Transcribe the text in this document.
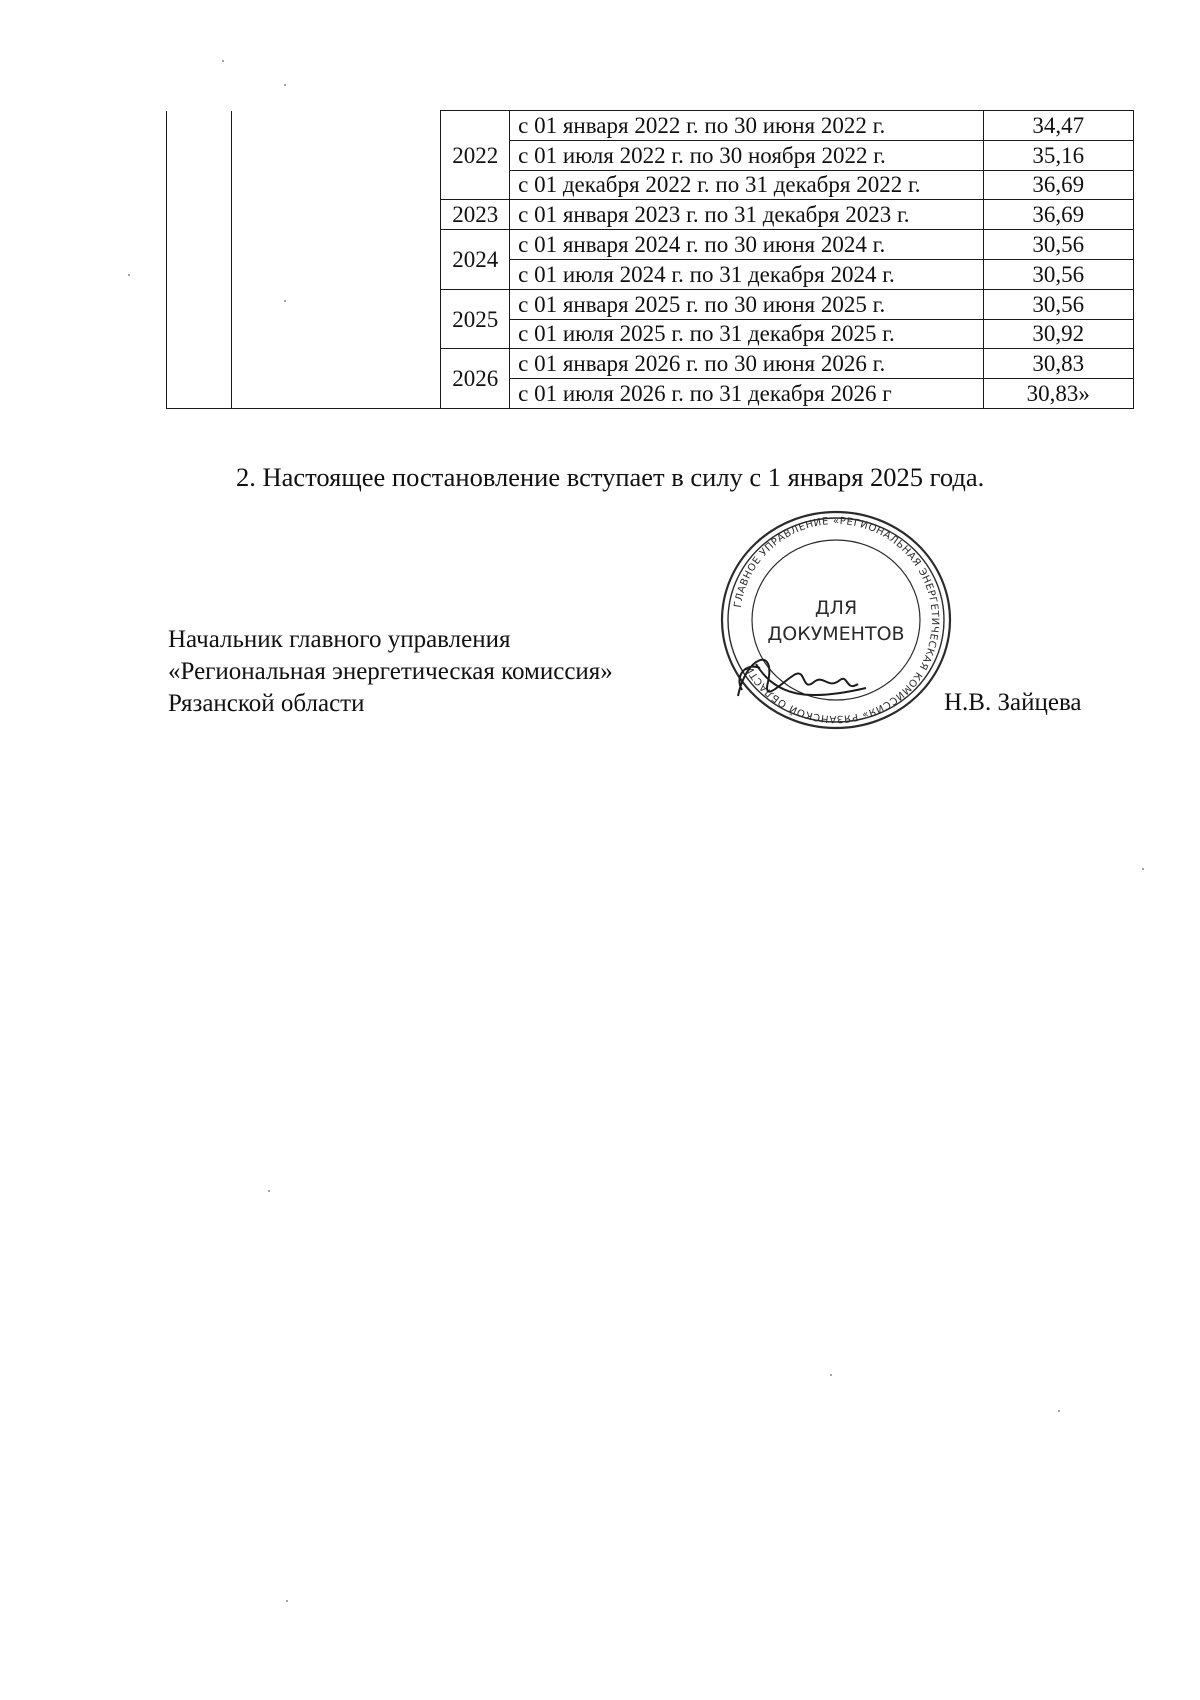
		2022	с 01 января 2022 г. по 30 июня 2022 г.	34,47
			с 01 июля 2022 г. по 30 ноября 2022 г.	35,16
			с 01 декабря 2022 г. по 31 декабря 2022 г.	36,69
		2023	с 01 января 2023 г. по 31 декабря 2023 г.	36,69
		2024	с 01 января 2024 г. по 30 июня 2024 г.	30,56
			с 01 июля 2024 г. по 31 декабря 2024 г.	30,56
		2025	с 01 января 2025 г. по 30 июня 2025 г.	30,56
			с 01 июля 2025 г. по 31 декабря 2025 г.	30,92
		2026	с 01 января 2026 г. по 30 июня 2026 г.	30,83
			с 01 июля 2026 г. по 31 декабря 2026 г	30,83»
2. Настоящее постановление вступает в силу с 1 января 2025 года.
Начальник главного управления
«Региональная энергетическая комиссия»
Рязанской области	Н.В. Зайцева
ГЛАВНОЕ УПРАВЛЕНИЕ «РЕГИОНАЛЬНАЯ ЭНЕРГЕТИЧЕСКАЯ КОМИССИЯ» РЯЗАНСКОЙ ОБЛАСТИ
ДЛЯ
ДОКУМЕНТОВ
